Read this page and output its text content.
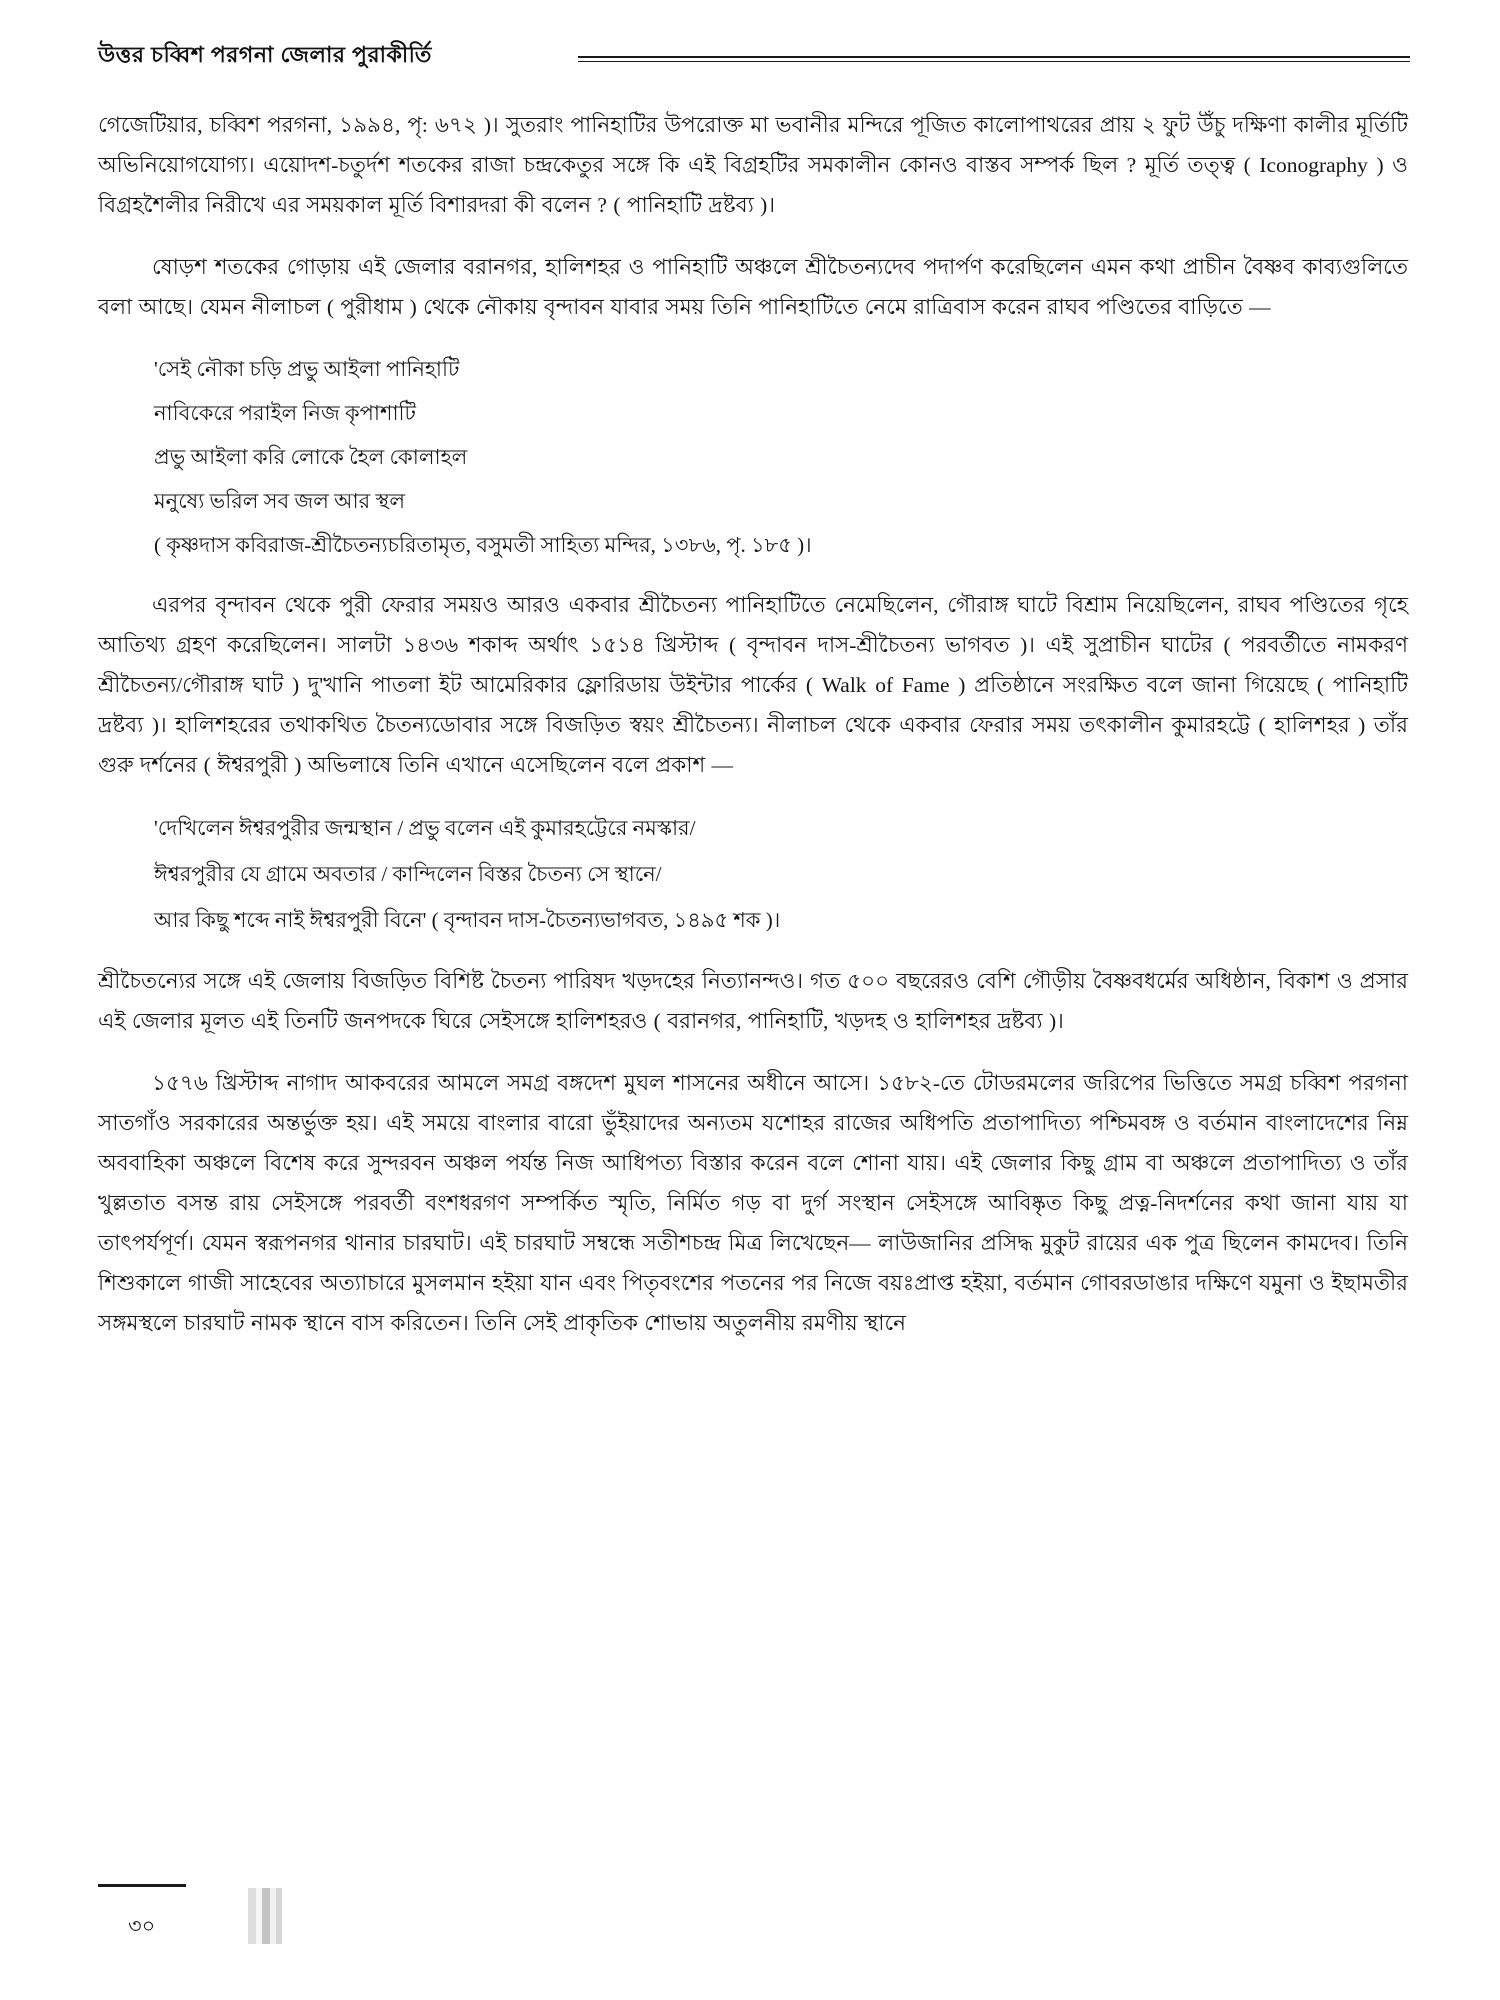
উত্তর চব্বিশ পরগনা জেলার পুরাকীর্তি

গেজেটিয়ার, চব্বিশ পরগনা, ১৯৯৪, পৃ: ৬৭২ )। সুতরাং পানিহাটির উপরোক্ত মা ভবানীর মন্দিরে পূজিত কালোপাথরের প্রায় ২ ফুট উঁচু দক্ষিণা কালীর মূর্তিটি অভিনিয়োগযোগ্য। এয়োদশ-চতুর্দশ শতকের রাজা চন্দ্রকেতুর সঙ্গে কি এই বিগ্রহটির সমকালীন কোনও বাস্তব সম্পর্ক ছিল ? মূর্তি তত্ত্ব ( Iconography ) ও বিগ্রহশৈলীর নিরীখে এর সময়কাল মূর্তি বিশারদরা কী বলেন ? ( পানিহাটি দ্রষ্টব্য )।

ষোড়শ শতকের গোড়ায় এই জেলার বরানগর, হালিশহর ও পানিহাটি অঞ্চলে শ্রীচৈতন্যদেব পদার্পণ করেছিলেন এমন কথা প্রাচীন বৈষ্ণব কাব্যগুলিতে বলা আছে। যেমন নীলাচল ( পুরীধাম ) থেকে নৌকায় বৃন্দাবন যাবার সময় তিনি পানিহাটিতে নেমে রাত্রিবাস করেন রাঘব পণ্ডিতের বাড়িতে —

'সেই নৌকা চড়ি প্রভু আইলা পানিহাটি
নাবিকেরে পরাইল নিজ কৃপাশাটি
প্রভু আইলা করি লোকে হৈল কোলাহল
মনুষ্যে ভরিল সব জল আর স্থল
( কৃষ্ণদাস কবিরাজ-শ্রীচৈতন্যচরিতামৃত, বসুমতী সাহিত্য মন্দির, ১৩৮৬, পৃ. ১৮৫ )।

এরপর বৃন্দাবন থেকে পুরী ফেরার সময়ও আরও একবার শ্রীচৈতন্য পানিহাটিতে নেমেছিলেন, গৌরাঙ্গ ঘাটে বিশ্রাম নিয়েছিলেন, রাঘব পণ্ডিতের গৃহে আতিথ্য গ্রহণ করেছিলেন। সালটা ১৪৩৬ শকাব্দ অর্থাৎ ১৫১৪ খ্রিস্টাব্দ ( বৃন্দাবন দাস-শ্রীচৈতন্য ভাগবত )। এই সুপ্রাচীন ঘাটের ( পরবর্তীতে নামকরণ শ্রীচৈতন্য/গৌরাঙ্গ ঘাট ) দু'খানি পাতলা ইট আমেরিকার ফ্লোরিডায় উইন্টার পার্কের ( Walk of Fame ) প্রতিষ্ঠানে সংরক্ষিত বলে জানা গিয়েছে ( পানিহাটি দ্রষ্টব্য )। হালিশহরের তথাকথিত চৈতন্যডোবার সঙ্গে বিজড়িত স্বয়ং শ্রীচৈতন্য। নীলাচল থেকে একবার ফেরার সময় তৎকালীন কুমারহট্টে ( হালিশহর ) তাঁর গুরু দর্শনের ( ঈশ্বরপুরী ) অভিলাষে তিনি এখানে এসেছিলেন বলে প্রকাশ —

'দেখিলেন ঈশ্বরপুরীর জন্মস্থান / প্রভু বলেন এই কুমারহট্টেরে নমস্কার/
ঈশ্বরপুরীর যে গ্রামে অবতার / কান্দিলেন বিস্তর চৈতন্য সে স্থানে/
আর কিছু শব্দে নাই ঈশ্বরপুরী বিনে' ( বৃন্দাবন দাস-চৈতন্যভাগবত, ১৪৯৫ শক )।

শ্রীচৈতন্যের সঙ্গে এই জেলায় বিজড়িত বিশিষ্ট চৈতন্য পারিষদ খড়দহের নিত্যানন্দও। গত ৫০০ বছরেরও বেশি গৌড়ীয় বৈষ্ণবধর্মের অধিষ্ঠান, বিকাশ ও প্রসার এই জেলার মূলত এই তিনটি জনপদকে ঘিরে সেইসঙ্গে হালিশহরও ( বরানগর, পানিহাটি, খড়দহ ও হালিশহর দ্রষ্টব্য )।

১৫৭৬ খ্রিস্টাব্দ নাগাদ আকবরের আমলে সমগ্র বঙ্গদেশ মুঘল শাসনের অধীনে আসে। ১৫৮২-তে টোডরমলের জরিপের ভিত্তিতে সমগ্র চব্বিশ পরগনা সাতগাঁও সরকারের অন্তর্ভুক্ত হয়। এই সময়ে বাংলার বারো ভুঁইয়াদের অন্যতম যশোহর রাজের অধিপতি প্রতাপাদিত্য পশ্চিমবঙ্গ ও বর্তমান বাংলাদেশের নিম্ন অববাহিকা অঞ্চলে বিশেষ করে সুন্দরবন অঞ্চল পর্যন্ত নিজ আধিপত্য বিস্তার করেন বলে শোনা যায়। এই জেলার কিছু গ্রাম বা অঞ্চলে প্রতাপাদিত্য ও তাঁর খুল্লতাত বসন্ত রায় সেইসঙ্গে পরবর্তী বংশধরগণ সম্পর্কিত স্মৃতি, নির্মিত গড় বা দুর্গ সংস্থান সেইসঙ্গে আবিষ্কৃত কিছু প্রত্ন-নিদর্শনের কথা জানা যায় যা তাৎপর্যপূর্ণ। যেমন স্বরূপনগর থানার চারঘাট। এই চারঘাট সম্বন্ধে সতীশচন্দ্র মিত্র লিখেছেন— লাউজানির প্রসিদ্ধ মুকুট রায়ের এক পুত্র ছিলেন কামদেব। তিনি শিশুকালে গাজী সাহেবের অত্যাচারে মুসলমান হইয়া যান এবং পিতৃবংশের পতনের পর নিজে বয়ঃপ্রাপ্ত হইয়া, বর্তমান গোবরডাঙার দক্ষিণে যমুনা ও ইছামতীর সঙ্গমস্থলে চারঘাট নামক স্থানে বাস করিতেন। তিনি সেই প্রাকৃতিক শোভায় অতুলনীয় রমণীয় স্থানে

৩০
